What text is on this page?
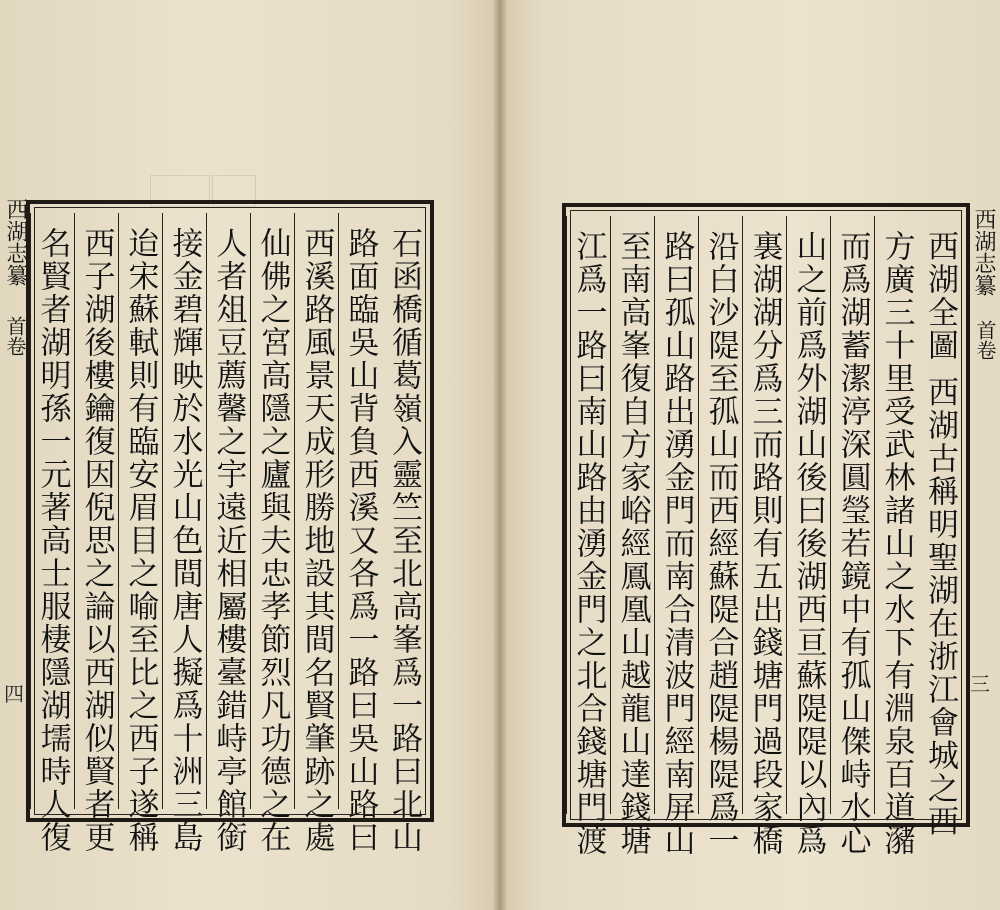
西湖志纂
首卷
四	石函橋循葛嶺入靈竺至北高峯爲一路曰北山
路面臨吳山背負西溪又各爲一路曰吳山路曰
西溪路風景天成形勝地設其間名賢肇跡之處
仙佛之宮高隱之廬與夫忠孝節烈凡功德之在
人者俎豆薦馨之宇遠近相屬樓臺錯峙亭館銜
接金碧輝映於水光山色間唐人擬爲十洲三島
迨宋蘇軾則有臨安眉目之喻至比之西子遂稱
西子湖後樓鑰復因倪思之論以西湖似賢者更
名賢者湖明孫一元著高士服棲隱湖壖時人復	西湖志纂
首卷
三
西湖全圖西湖古稱明聖湖在浙江會城之西
方廣三十里受武林諸山之水下有淵泉百道瀦
而爲湖蓄潔渟深圓瑩若鏡中有孤山傑峙水心
山之前爲外湖山後曰後湖西亘蘇隄隄以內爲
裏湖湖分爲三而路則有五出錢塘門過段家橋
沿白沙隄至孤山而西經蘇隄合趙隄楊隄爲一
路曰孤山路出湧金門而南合清波門經南屏山
至南高峯復自方家峪經鳳凰山越龍山達錢塘
江爲一路曰南山路由湧金門之北合錢塘門渡
